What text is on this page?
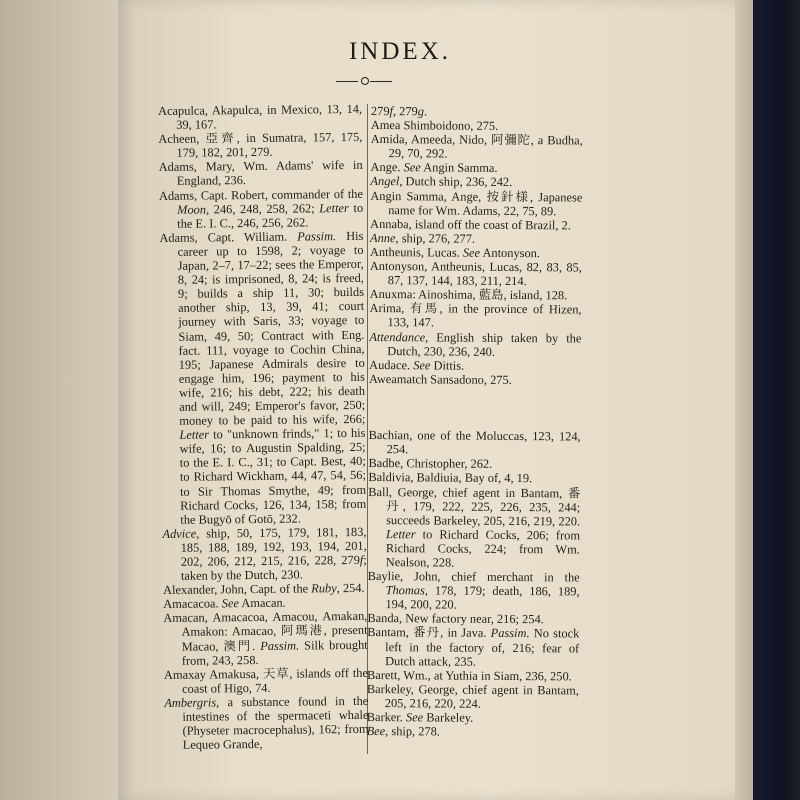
INDEX.

Acapulca, Akapulca, in Mexico, 13, 14, 39, 167.

Acheen, 亞齊, in Sumatra, 157, 175, 179, 182, 201, 279.

Adams, Mary, Wm. Adams' wife in England, 236.

Adams, Capt. Robert, commander of the Moon, 246, 248, 258, 262; Letter to the E. I. C., 246, 256, 262.

Adams, Capt. William. Passim. His career up to 1598, 2; voyage to Japan, 2–7, 17–22; sees the Emperor, 8, 24; is imprisoned, 8, 24; is freed, 9; builds a ship 11, 30; builds another ship, 13, 39, 41; court journey with Saris, 33; voyage to Siam, 49, 50; Contract with Eng. fact. 111, voyage to Cochin China, 195; Japanese Admirals desire to engage him, 196; payment to his wife, 216; his debt, 222; his death and will, 249; Emperor's favor, 250; money to be paid to his wife, 266; Letter to "unknown frinds," 1; to his wife, 16; to Augustin Spalding, 25; to the E. I. C., 31; to Capt. Best, 40; to Richard Wickham, 44, 47, 54, 56; to Sir Thomas Smythe, 49; from Richard Cocks, 126, 134, 158; from the Bugyō of Gotō, 232.

Advice, ship, 50, 175, 179, 181, 183, 185, 188, 189, 192, 193, 194, 201, 202, 206, 212, 215, 216, 228, 279f; taken by the Dutch, 230.

Alexander, John, Capt. of the Ruby, 254.

Amacacoa. See Amacan.

Amacan, Amacacoa, Amacou, Amakan, Amakon: Amacao, 阿瑪港, present Macao, 澳門. Passim. Silk brought from, 243, 258.

Amaxay Amakusa, 天草, islands off the coast of Higo, 74.

Ambergris, a substance found in the intestines of the spermaceti whale (Physeter macrocephalus), 162; from Lequeo Grande,

279f, 279g.

Amea Shimboidono, 275.

Amida, Ameeda, Nido, 阿彌陀, a Budha, 29, 70, 292.

Ange. See Angin Samma.

Angel, Dutch ship, 236, 242.

Angin Samma, Ange, 按針様, Japanese name for Wm. Adams, 22, 75, 89.

Annaba, island off the coast of Brazil, 2.

Anne, ship, 276, 277.

Antheunis, Lucas. See Antonyson.

Antonyson, Antheunis, Lucas, 82, 83, 85, 87, 137, 144, 183, 211, 214.

Anuxma: Ainoshima, 藍島, island, 128.

Arima, 有馬, in the province of Hizen, 133, 147.

Attendance, English ship taken by the Dutch, 230, 236, 240.

Audace. See Dittis.

Aweamatch Sansadono, 275.

Bachian, one of the Moluccas, 123, 124, 254.

Badbe, Christopher, 262.

Baldivia, Baldiuia, Bay of, 4, 19.

Ball, George, chief agent in Bantam, 番丹, 179, 222, 225, 226, 235, 244; succeeds Barkeley, 205, 216, 219, 220. Letter to Richard Cocks, 206; from Richard Cocks, 224; from Wm. Nealson, 228.

Baylie, John, chief merchant in the Thomas, 178, 179; death, 186, 189, 194, 200, 220.

Banda, New factory near, 216; 254.

Bantam, 番丹, in Java. Passim. No stock left in the factory of, 216; fear of Dutch attack, 235.

Barett, Wm., at Yuthia in Siam, 236, 250.

Barkeley, George, chief agent in Bantam, 205, 216, 220, 224.

Barker. See Barkeley.

Bee, ship, 278.
